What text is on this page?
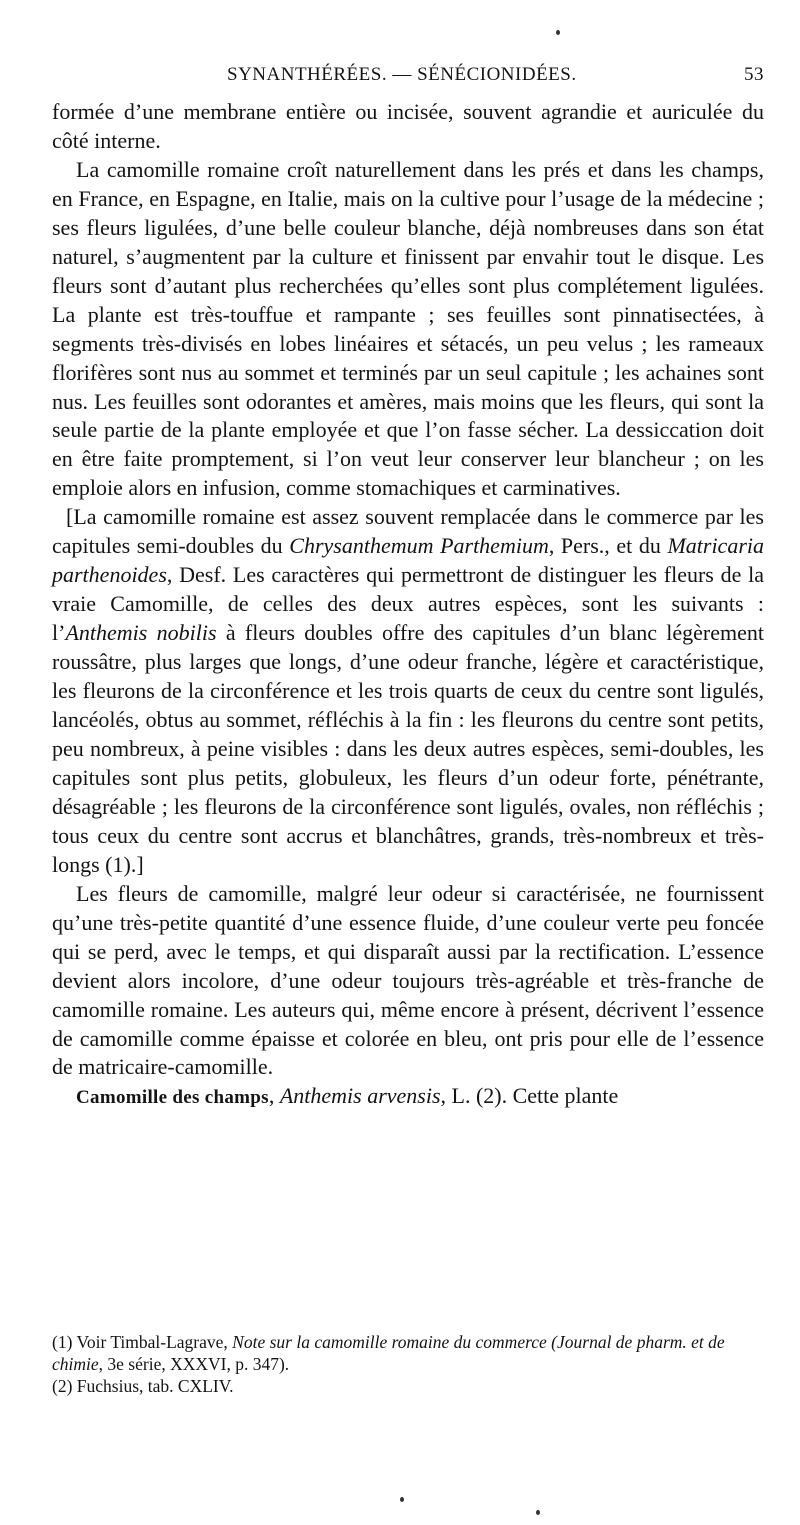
SYNANTHÉRÉES. — SÉNÉCIONIDÉES.	53

formée d’une membrane entière ou incisée, souvent agrandie et auriculée du côté interne.

La camomille romaine croît naturellement dans les prés et dans les champs, en France, en Espagne, en Italie, mais on la cultive pour l’usage de la médecine ; ses fleurs ligulées, d’une belle couleur blanche, déjà nombreuses dans son état naturel, s’augmentent par la culture et finissent par envahir tout le disque. Les fleurs sont d’autant plus recherchées qu’elles sont plus complétement ligulées. La plante est très-touffue et rampante ; ses feuilles sont pinnatisectées, à segments très-divisés en lobes linéaires et sétacés, un peu velus ; les rameaux florifères sont nus au sommet et terminés par un seul capitule ; les achaines sont nus. Les feuilles sont odorantes et amères, mais moins que les fleurs, qui sont la seule partie de la plante employée et que l’on fasse sécher. La dessiccation doit en être faite promptement, si l’on veut leur conserver leur blancheur ; on les emploie alors en infusion, comme stomachiques et carminatives.

[La camomille romaine est assez souvent remplacée dans le commerce par les capitules semi-doubles du Chrysanthemum Parthemium, Pers., et du Matricaria parthenoides, Desf. Les caractères qui permettront de distinguer les fleurs de la vraie Camomille, de celles des deux autres espèces, sont les suivants : l’Anthemis nobilis à fleurs doubles offre des capitules d’un blanc légèrement roussâtre, plus larges que longs, d’une odeur franche, légère et caractéristique, les fleurons de la circonférence et les trois quarts de ceux du centre sont ligulés, lancéolés, obtus au sommet, réfléchis à la fin : les fleurons du centre sont petits, peu nombreux, à peine visibles : dans les deux autres espèces, semi-doubles, les capitules sont plus petits, globuleux, les fleurs d’un odeur forte, pénétrante, désagréable ; les fleurons de la circonférence sont ligulés, ovales, non réfléchis ; tous ceux du centre sont accrus et blanchâtres, grands, très-nombreux et très-longs (1).]

Les fleurs de camomille, malgré leur odeur si caractérisée, ne fournissent qu’une très-petite quantité d’une essence fluide, d’une couleur verte peu foncée qui se perd, avec le temps, et qui disparaît aussi par la rectification. L’essence devient alors incolore, d’une odeur toujours très-agréable et très-franche de camomille romaine. Les auteurs qui, même encore à présent, décrivent l’essence de camomille comme épaisse et colorée en bleu, ont pris pour elle de l’essence de matricaire-camomille.

Camomille des champs, Anthemis arvensis, L. (2). Cette plante

(1) Voir Timbal-Lagrave, Note sur la camomille romaine du commerce (Journal de pharm. et de chimie, 3e série, XXXVI, p. 347).

(2) Fuchsius, tab. CXLIV.
